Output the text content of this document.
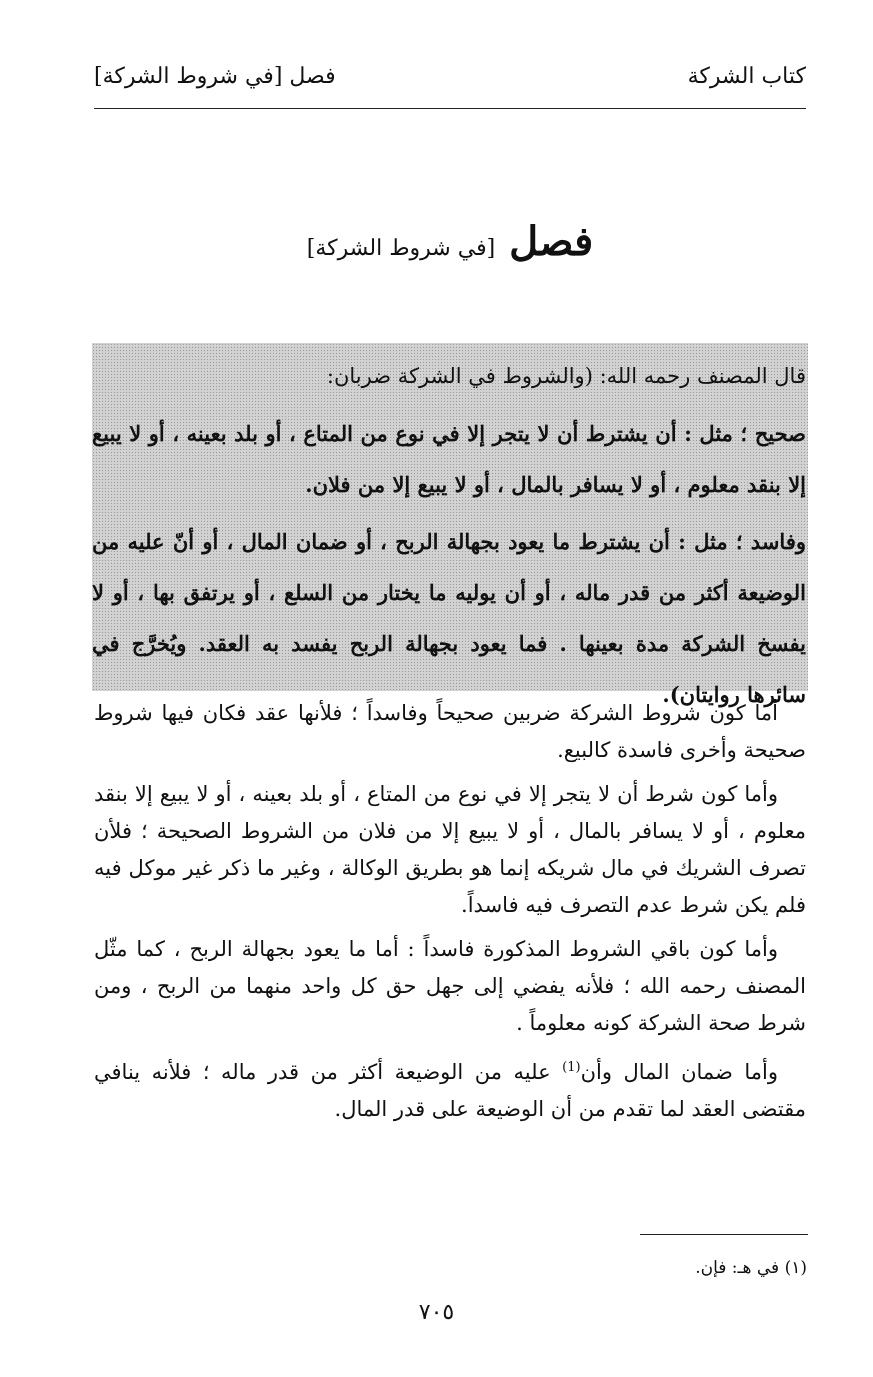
كتاب الشركة
فصل [في شروط الشركة]
فصل [في شروط الشركة]

قال المصنف رحمه الله: (والشروط في الشركة ضربان:

صحيح ؛ مثل : أن يشترط أن لا يتجر إلا في نوع من المتاع ، أو بلد بعينه ، أو لا يبيع إلا بنقد معلوم ، أو لا يسافر بالمال ، أو لا يبيع إلا من فلان.

وفاسد ؛ مثل : أن يشترط ما يعود بجهالة الربح ، أو ضمان المال ، أو أنّ عليه من الوضيعة أكثر من قدر ماله ، أو أن يوليه ما يختار من السلع ، أو يرتفق بها ، أو لا يفسخ الشركة مدة بعينها . فما يعود بجهالة الربح يفسد به العقد. ويُخرَّج في سائرها روايتان).

أما كون شروط الشركة ضربين صحيحاً وفاسداً ؛ فلأنها عقد فكان فيها شروط صحيحة وأخرى فاسدة كالبيع.

وأما كون شرط أن لا يتجر إلا في نوع من المتاع ، أو بلد بعينه ، أو لا يبيع إلا بنقد معلوم ، أو لا يسافر بالمال ، أو لا يبيع إلا من فلان من الشروط الصحيحة ؛ فلأن تصرف الشريك في مال شريكه إنما هو بطريق الوكالة ، وغير ما ذكر غير موكل فيه فلم يكن شرط عدم التصرف فيه فاسداً.

وأما كون باقي الشروط المذكورة فاسداً : أما ما يعود بجهالة الربح ، كما مثّل المصنف رحمه الله ؛ فلأنه يفضي إلى جهل حق كل واحد منهما من الربح ، ومن شرط صحة الشركة كونه معلوماً .

وأما ضمان المال وأن$^{(1)}$ عليه من الوضيعة أكثر من قدر ماله ؛ فلأنه ينافي مقتضى العقد لما تقدم من أن الوضيعة على قدر المال.

(١) في هـ: فإن.
٧٠٥
